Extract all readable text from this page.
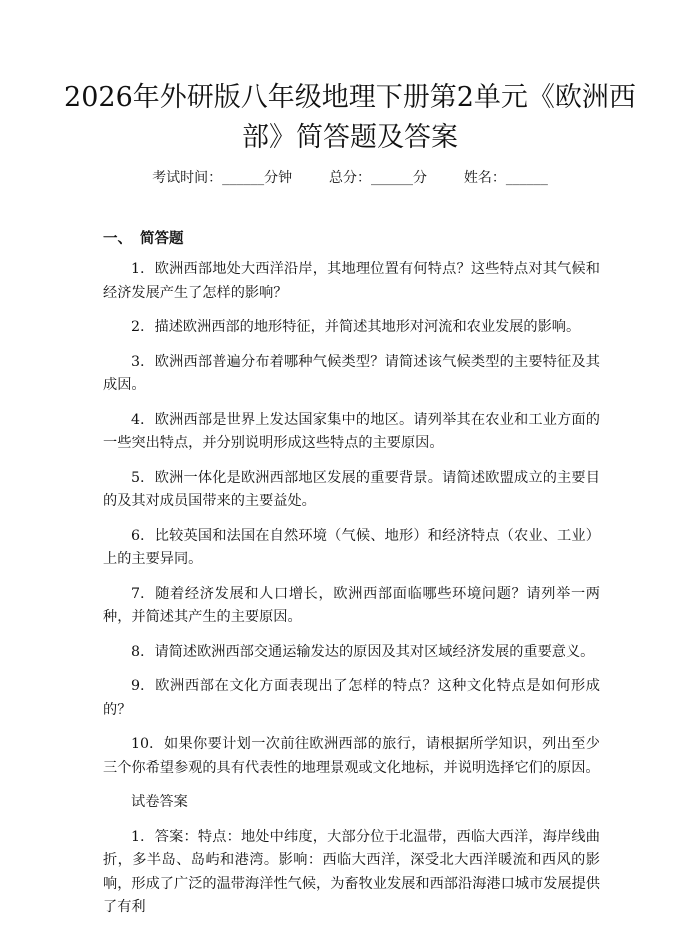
2026年外研版八年级地理下册第2单元《欧洲西部》简答题及答案
考试时间：______分钟	总分：______分	姓名：______
一、 简答题

1. 欧洲西部地处大西洋沿岸，其地理位置有何特点？这些特点对其气候和经济发展产生了怎样的影响？

2. 描述欧洲西部的地形特征，并简述其地形对河流和农业发展的影响。

3. 欧洲西部普遍分布着哪种气候类型？请简述该气候类型的主要特征及其成因。

4. 欧洲西部是世界上发达国家集中的地区。请列举其在农业和工业方面的一些突出特点，并分别说明形成这些特点的主要原因。

5. 欧洲一体化是欧洲西部地区发展的重要背景。请简述欧盟成立的主要目的及其对成员国带来的主要益处。

6. 比较英国和法国在自然环境（气候、地形）和经济特点（农业、工业）上的主要异同。

7. 随着经济发展和人口增长，欧洲西部面临哪些环境问题？请列举一两种，并简述其产生的主要原因。

8. 请简述欧洲西部交通运输发达的原因及其对区域经济发展的重要意义。

9. 欧洲西部在文化方面表现出了怎样的特点？这种文化特点是如何形成的？

10. 如果你要计划一次前往欧洲西部的旅行，请根据所学知识，列出至少三个你希望参观的具有代表性的地理景观或文化地标，并说明选择它们的原因。

试卷答案

1. 答案：特点：地处中纬度，大部分位于北温带，西临大西洋，海岸线曲折，多半岛、岛屿和港湾。影响：西临大西洋，深受北大西洋暖流和西风的影响，形成了广泛的温带海洋性气候，为畜牧业发展和西部沿海港口城市发展提供了有利
